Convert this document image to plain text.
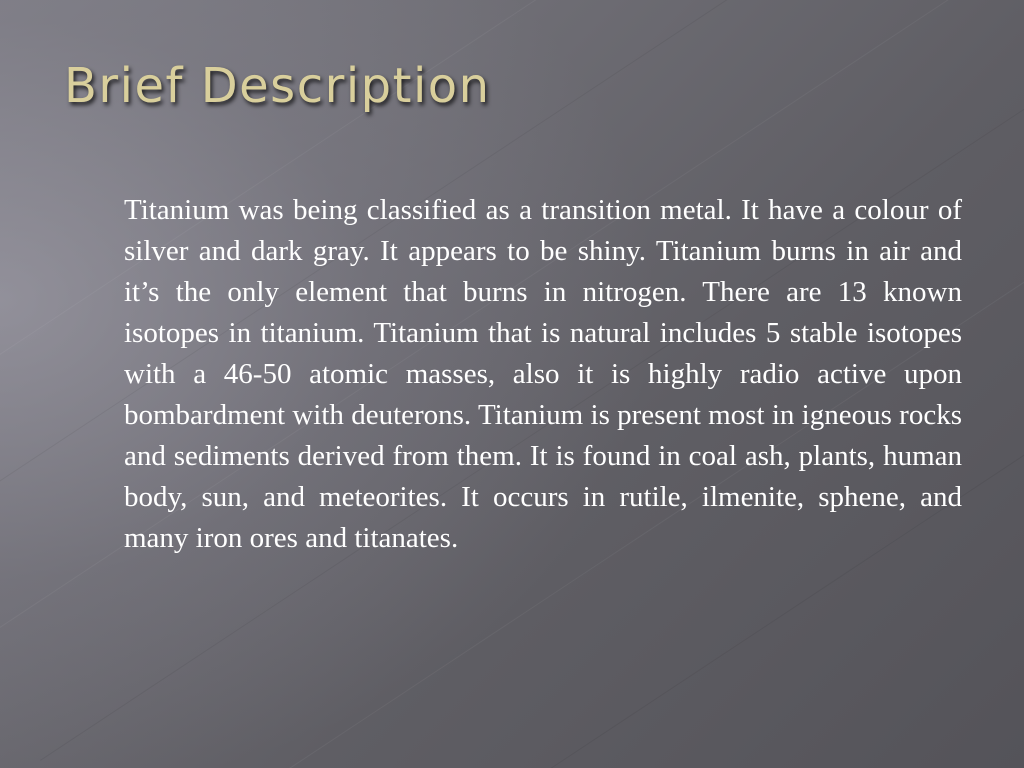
Brief Description

Titanium was being classified as a transition metal. It have a colour of silver and dark gray. It appears to be shiny. Titanium burns in air and it’s the only element that burns in nitrogen. There are 13 known isotopes in titanium. Titanium that is natural includes 5 stable isotopes with a 46-50 atomic masses, also it is highly radio active upon bombardment with deuterons. Titanium is present most in igneous rocks and sediments derived from them. It is found in coal ash, plants, human body, sun, and meteorites. It occurs in rutile, ilmenite, sphene, and many iron ores and titanates.
